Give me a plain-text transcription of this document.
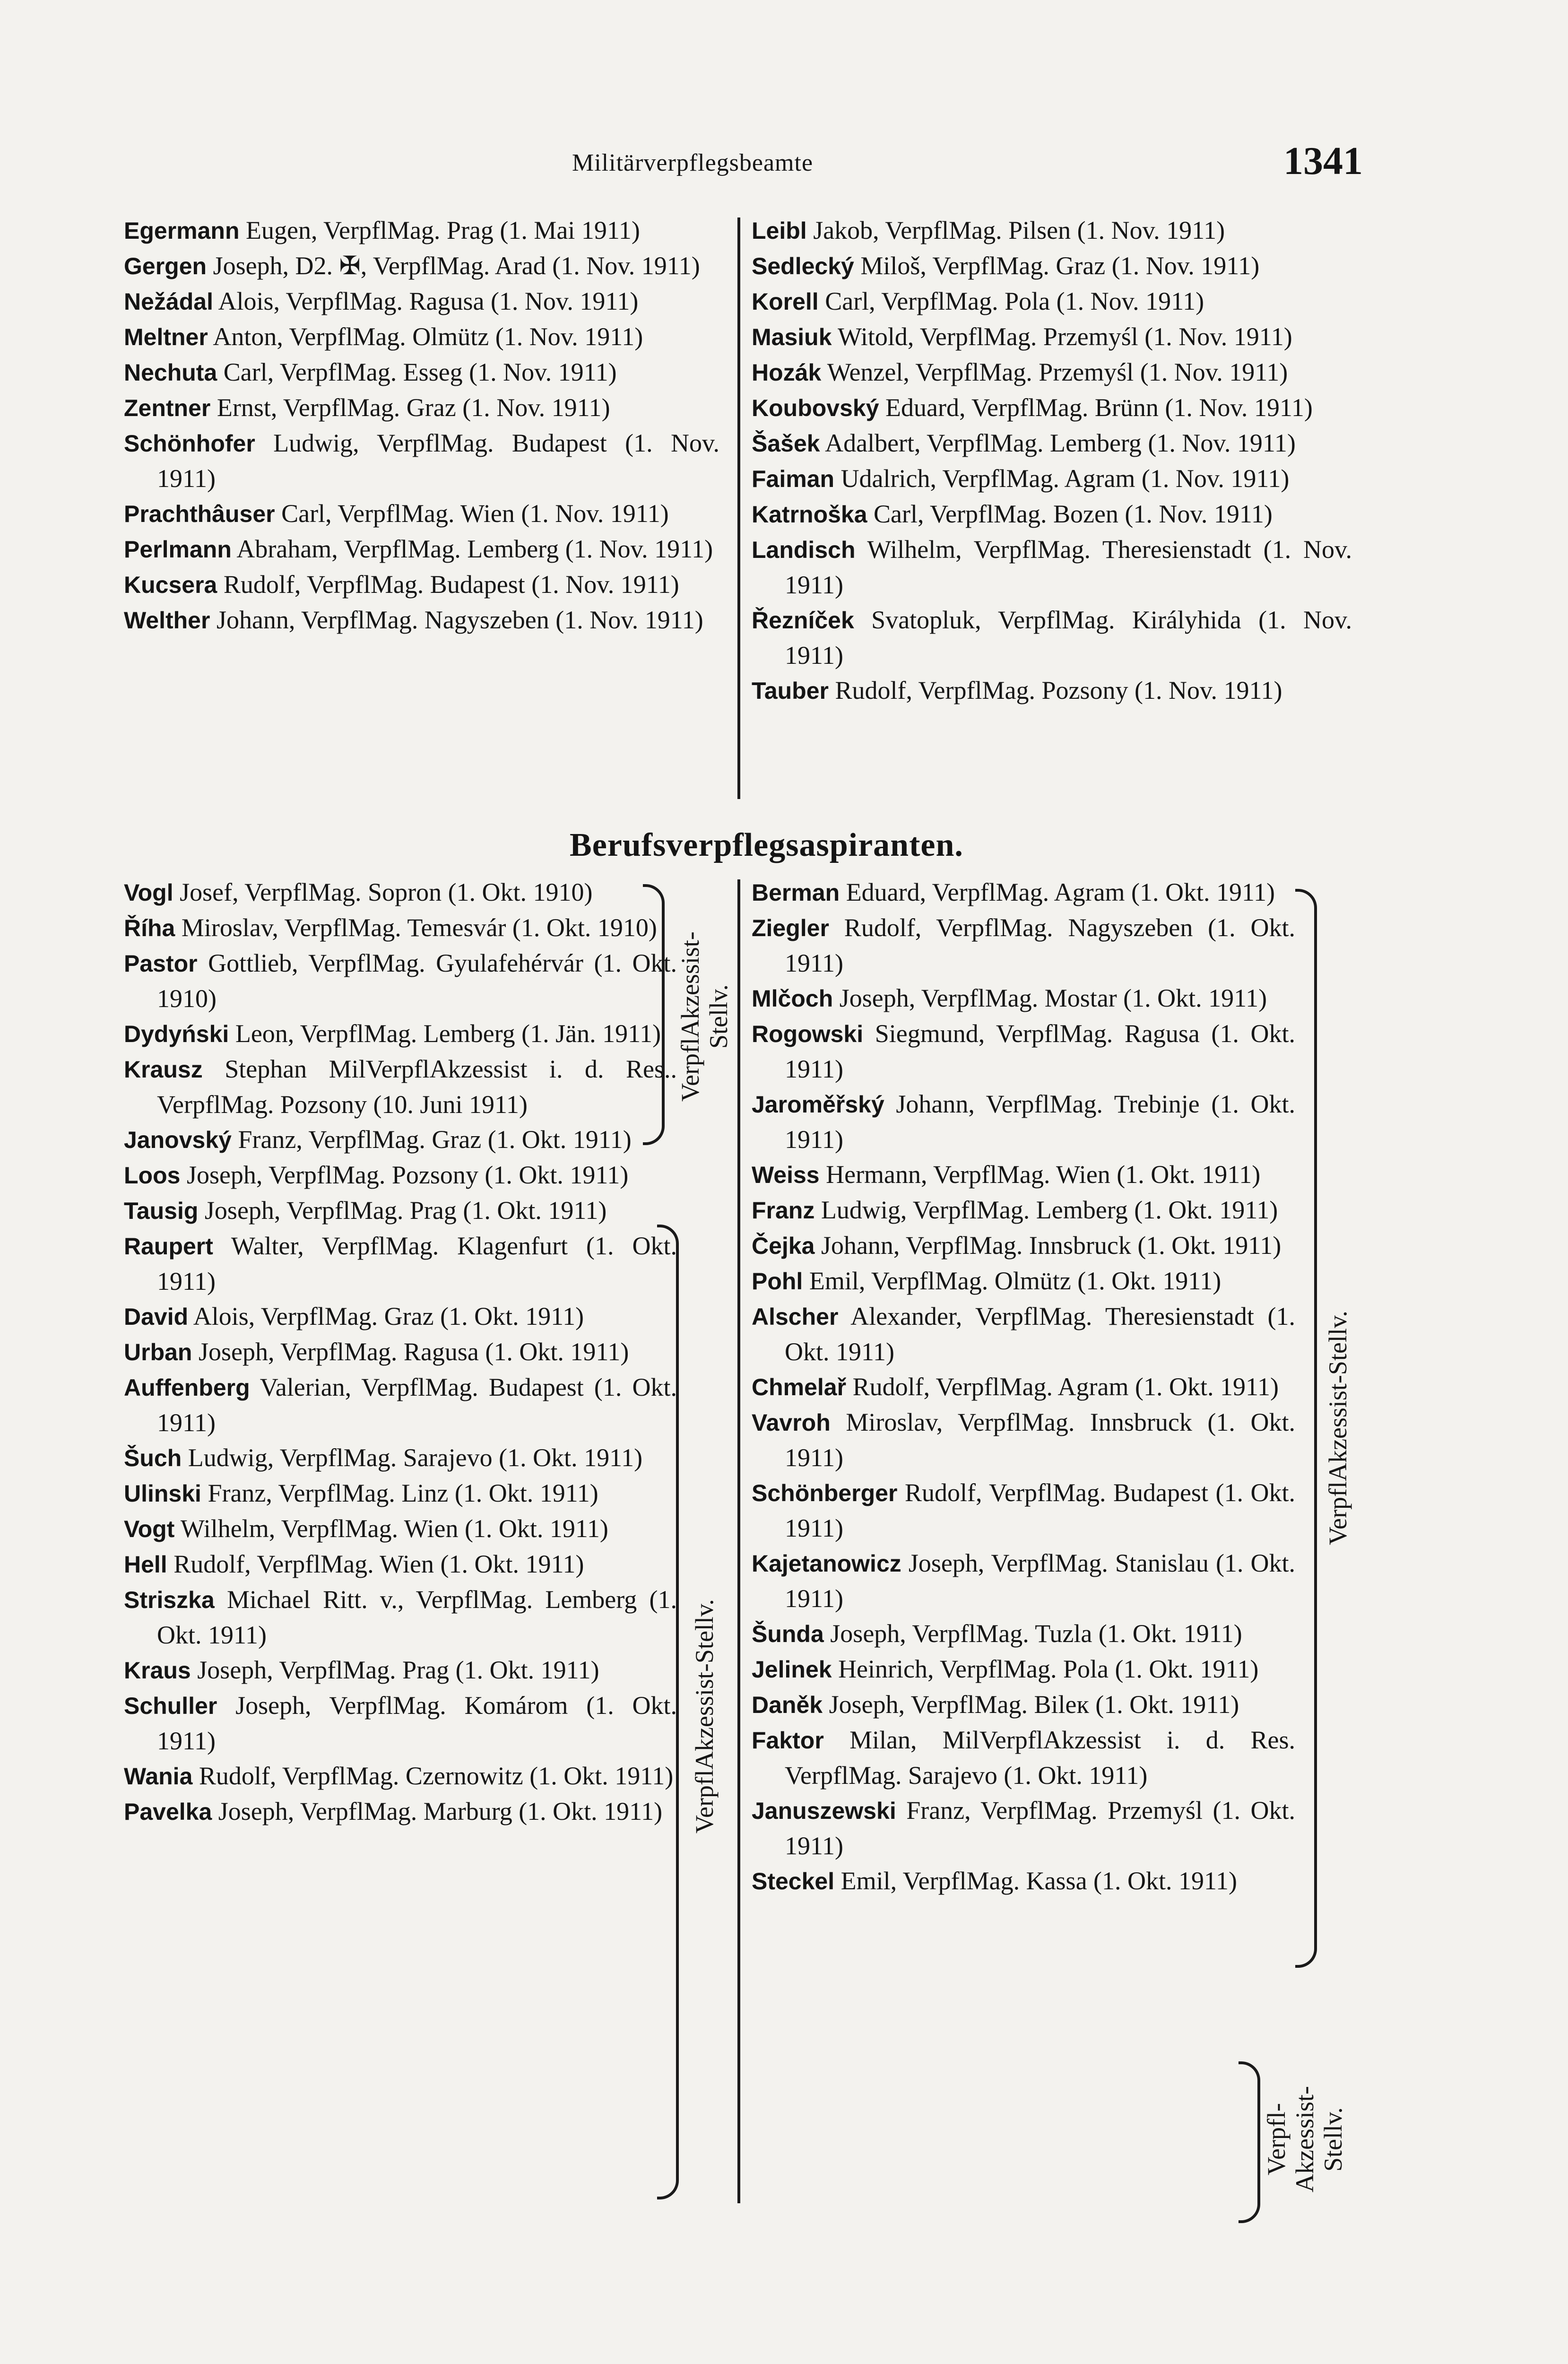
Militärverpflegsbeamte	1341
Egermann Eugen, VerpflMag. Prag (1. Mai 1911)
Gergen Joseph, D2. ✠, VerpflMag. Arad (1. Nov. 1911)
Nežádal Alois, VerpflMag. Ragusa (1. Nov. 1911)
Meltner Anton, VerpflMag. Olmütz (1. Nov. 1911)
Nechuta Carl, VerpflMag. Esseg (1. Nov. 1911)
Zentner Ernst, VerpflMag. Graz (1. Nov. 1911)
Schönhofer Ludwig, VerpflMag. Budapest (1. Nov. 1911)
Prachthâuser Carl, VerpflMag. Wien (1. Nov. 1911)
Perlmann Abraham, VerpflMag. Lemberg (1. Nov. 1911)
Kucsera Rudolf, VerpflMag. Budapest (1. Nov. 1911)
Welther Johann, VerpflMag. Nagyszeben (1. Nov. 1911)
Leibl Jakob, VerpflMag. Pilsen (1. Nov. 1911)
Sedlecký Miloš, VerpflMag. Graz (1. Nov. 1911)
Korell Carl, VerpflMag. Pola (1. Nov. 1911)
Masiuk Witold, VerpflMag. Przemyśl (1. Nov. 1911)
Hozák Wenzel, VerpflMag. Przemyśl (1. Nov. 1911)
Koubovský Eduard, VerpflMag. Brünn (1. Nov. 1911)
Šašek Adalbert, VerpflMag. Lemberg (1. Nov. 1911)
Faiman Udalrich, VerpflMag. Agram (1. Nov. 1911)
Katrnoška Carl, VerpflMag. Bozen (1. Nov. 1911)
Landisch Wilhelm, VerpflMag. Theresienstadt (1. Nov. 1911)
Řezníček Svatopluk, VerpflMag. Királyhida (1. Nov. 1911)
Tauber Rudolf, VerpflMag. Pozsony (1. Nov. 1911)
Berufsverpflegsaspiranten.
Vogl Josef, VerpflMag. Sopron (1. Okt. 1910)
Říha Miroslav, VerpflMag. Temesvár (1. Okt. 1910)
Pastor Gottlieb, VerpflMag. Gyulafehérvár (1. Okt. 1910)
Dydyński Leon, VerpflMag. Lemberg (1. Jän. 1911)
Krausz Stephan MilVerpflAkzessist i. d. Res.. VerpflMag. Pozsony (10. Juni 1911)
Janovský Franz, VerpflMag. Graz (1. Okt. 1911)
Loos Joseph, VerpflMag. Pozsony (1. Okt. 1911)
Tausig Joseph, VerpflMag. Prag (1. Okt. 1911)
Raupert Walter, VerpflMag. Klagenfurt (1. Okt. 1911)
David Alois, VerpflMag. Graz (1. Okt. 1911)
Urban Joseph, VerpflMag. Ragusa (1. Okt. 1911)
Auffenberg Valerian, VerpflMag. Budapest (1. Okt. 1911)
Šuch Ludwig, VerpflMag. Sarajevo (1. Okt. 1911)
Ulinski Franz, VerpflMag. Linz (1. Okt. 1911)
Vogt Wilhelm, VerpflMag. Wien (1. Okt. 1911)
Hell Rudolf, VerpflMag. Wien (1. Okt. 1911)
Striszka Michael Ritt. v., VerpflMag. Lemberg (1. Okt. 1911)
Kraus Joseph, VerpflMag. Prag (1. Okt. 1911)
Schuller Joseph, VerpflMag. Komárom (1. Okt. 1911)
Wania Rudolf, VerpflMag. Czernowitz (1. Okt. 1911)
Pavelka Joseph, VerpflMag. Marburg (1. Okt. 1911)
Berman Eduard, VerpflMag. Agram (1. Okt. 1911)
Ziegler Rudolf, VerpflMag. Nagyszeben (1. Okt. 1911)
Mlčoch Joseph, VerpflMag. Mostar (1. Okt. 1911)
Rogowski Siegmund, VerpflMag. Ragusa (1. Okt. 1911)
Jaroměřský Johann, VerpflMag. Trebinje (1. Okt. 1911)
Weiss Hermann, VerpflMag. Wien (1. Okt. 1911)
Franz Ludwig, VerpflMag. Lemberg (1. Okt. 1911)
Čejka Johann, VerpflMag. Innsbruck (1. Okt. 1911)
Pohl Emil, VerpflMag. Olmütz (1. Okt. 1911)
Alscher Alexander, VerpflMag. Theresienstadt (1. Okt. 1911)
Chmelař Rudolf, VerpflMag. Agram (1. Okt. 1911)
Vavroh Miroslav, VerpflMag. Innsbruck (1. Okt. 1911)
Schönberger Rudolf, VerpflMag. Budapest (1. Okt. 1911)
Kajetanowicz Joseph, VerpflMag. Stanislau (1. Okt. 1911)
Šunda Joseph, VerpflMag. Tuzla (1. Okt. 1911)
Jelinek Heinrich, VerpflMag. Pola (1. Okt. 1911)
Daněk Joseph, VerpflMag. Bileк (1. Okt. 1911)
Faktor Milan, MilVerpflAkzessist i. d. Res. VerpflMag. Sarajevo (1. Okt. 1911)
Januszewski Franz, VerpflMag. Przemyśl (1. Okt. 1911)
Steckel Emil, VerpflMag. Kassa (1. Okt. 1911)
VerpflAkzessist-
Stellv.
VerpflAkzessist-Stellv.
VerpflAkzessist-Stellv.
Verpfl-
Akzessist-
Stellv.
